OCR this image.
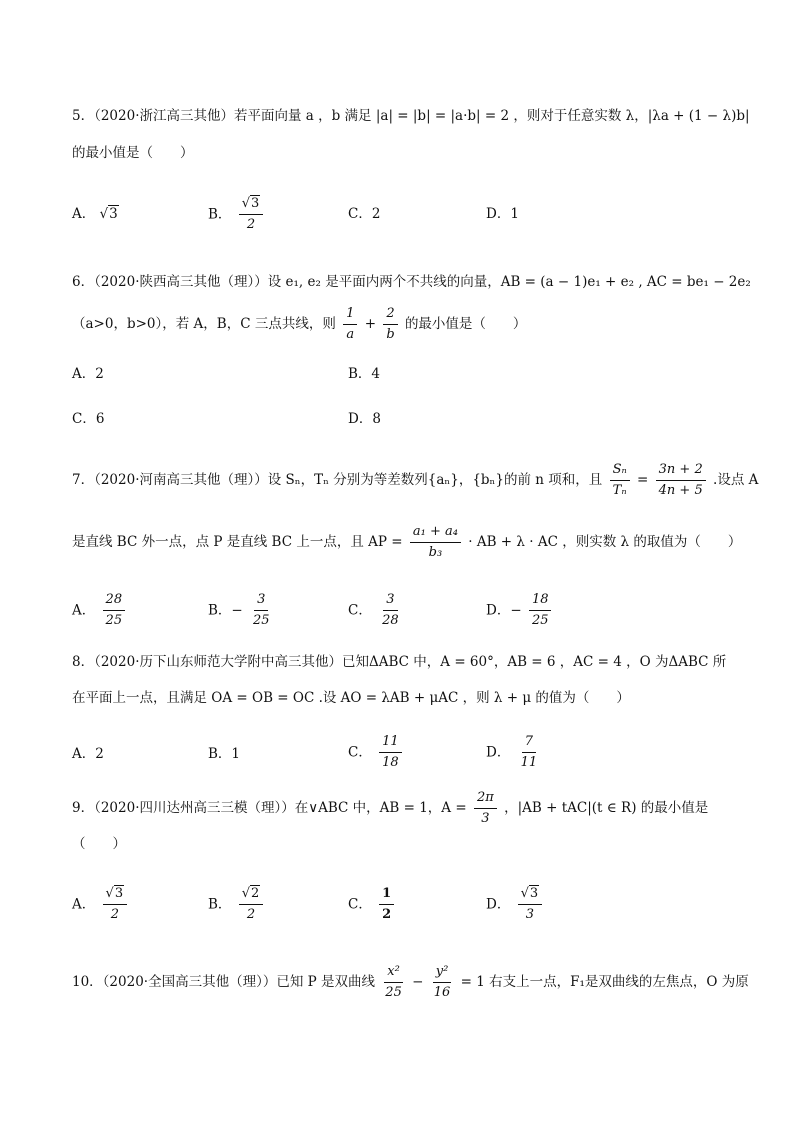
5．（2020·浙江高三其他）若平面向量 a ，b 满足 |a| = |b| = |a·b| = 2 ，则对于任意实数 λ，|λa + (1 − λ)b|
的最小值是（　　）
A． √3	B． $\frac{√3}{2}$	C．2	D．1
6．（2020·陕西高三其他（理））设 e₁, e₂ 是平面内两个不共线的向量，AB = (a − 1)e₁ + e₂ , AC = be₁ − 2e₂
（a>0，b>0），若 A，B，C 三点共线，则 $\frac{1}{a} + \frac{2}{b}$ 的最小值是（　　）
A．2	B．4
C．6	D．8
7．（2020·河南高三其他（理））设 Sₙ，Tₙ 分别为等差数列{aₙ}，{bₙ}的前 n 项和，且 $\frac{\text{Sₙ}}{\text{Tₙ}} = \frac{3n + 2}{4n + 5}$ .设点 A
是直线 BC 外一点，点 P 是直线 BC 上一点，且 AP = $\frac{\text{a₁ + a₄}}{\text{b₃}}$ · AB + λ · AC ，则实数 λ 的取值为（　　）
A． $\frac{28}{25}$	B．− $\frac{3}{25}$	C． $\frac{3}{28}$	D．− $\frac{18}{25}$
8．（2020·历下山东师范大学附中高三其他）已知ΔABC 中，A = 60°，AB = 6 ，AC = 4 ，O 为ΔABC 所
在平面上一点，且满足 OA = OB = OC .设 AO = λAB + μAC ，则 λ + μ 的值为（　　）
A．2	B．1	C． $\frac{11}{18}$	D． $\frac{7}{11}$
9．（2020·四川达州高三三模（理））在∨ABC 中，AB = 1，$A = \frac{2\pi}{3}$ ，|AB + tAC|(t ∈ R) 的最小值是
（　　）
A． $\frac{√3}{2}$	B． $\frac{√2}{2}$	C． $\frac{1}{2}$	D． $\frac{√3}{3}$
10．（2020·全国高三其他（理））已知 P 是双曲线 $\frac{\text{x²}}{25} - \frac{\text{y²}}{16} = 1$ 右支上一点，F₁是双曲线的左焦点，O 为原
